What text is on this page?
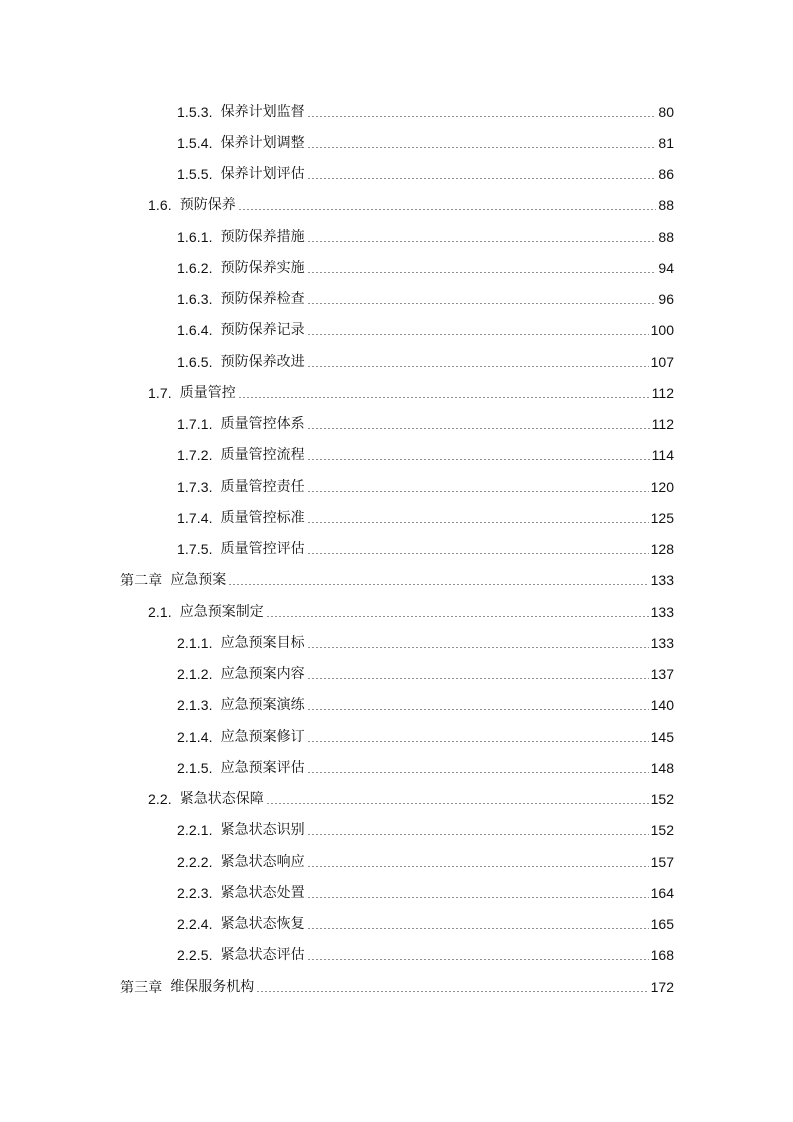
1.5.3. 保养计划监督	80
1.5.4. 保养计划调整	81
1.5.5. 保养计划评估	86
1.6. 预防保养	88
1.6.1. 预防保养措施	88
1.6.2. 预防保养实施	94
1.6.3. 预防保养检查	96
1.6.4. 预防保养记录	100
1.6.5. 预防保养改进	107
1.7. 质量管控	112
1.7.1. 质量管控体系	112
1.7.2. 质量管控流程	114
1.7.3. 质量管控责任	120
1.7.4. 质量管控标准	125
1.7.5. 质量管控评估	128
第二章 应急预案	133
2.1. 应急预案制定	133
2.1.1. 应急预案目标	133
2.1.2. 应急预案内容	137
2.1.3. 应急预案演练	140
2.1.4. 应急预案修订	145
2.1.5. 应急预案评估	148
2.2. 紧急状态保障	152
2.2.1. 紧急状态识别	152
2.2.2. 紧急状态响应	157
2.2.3. 紧急状态处置	164
2.2.4. 紧急状态恢复	165
2.2.5. 紧急状态评估	168
第三章 维保服务机构	172
